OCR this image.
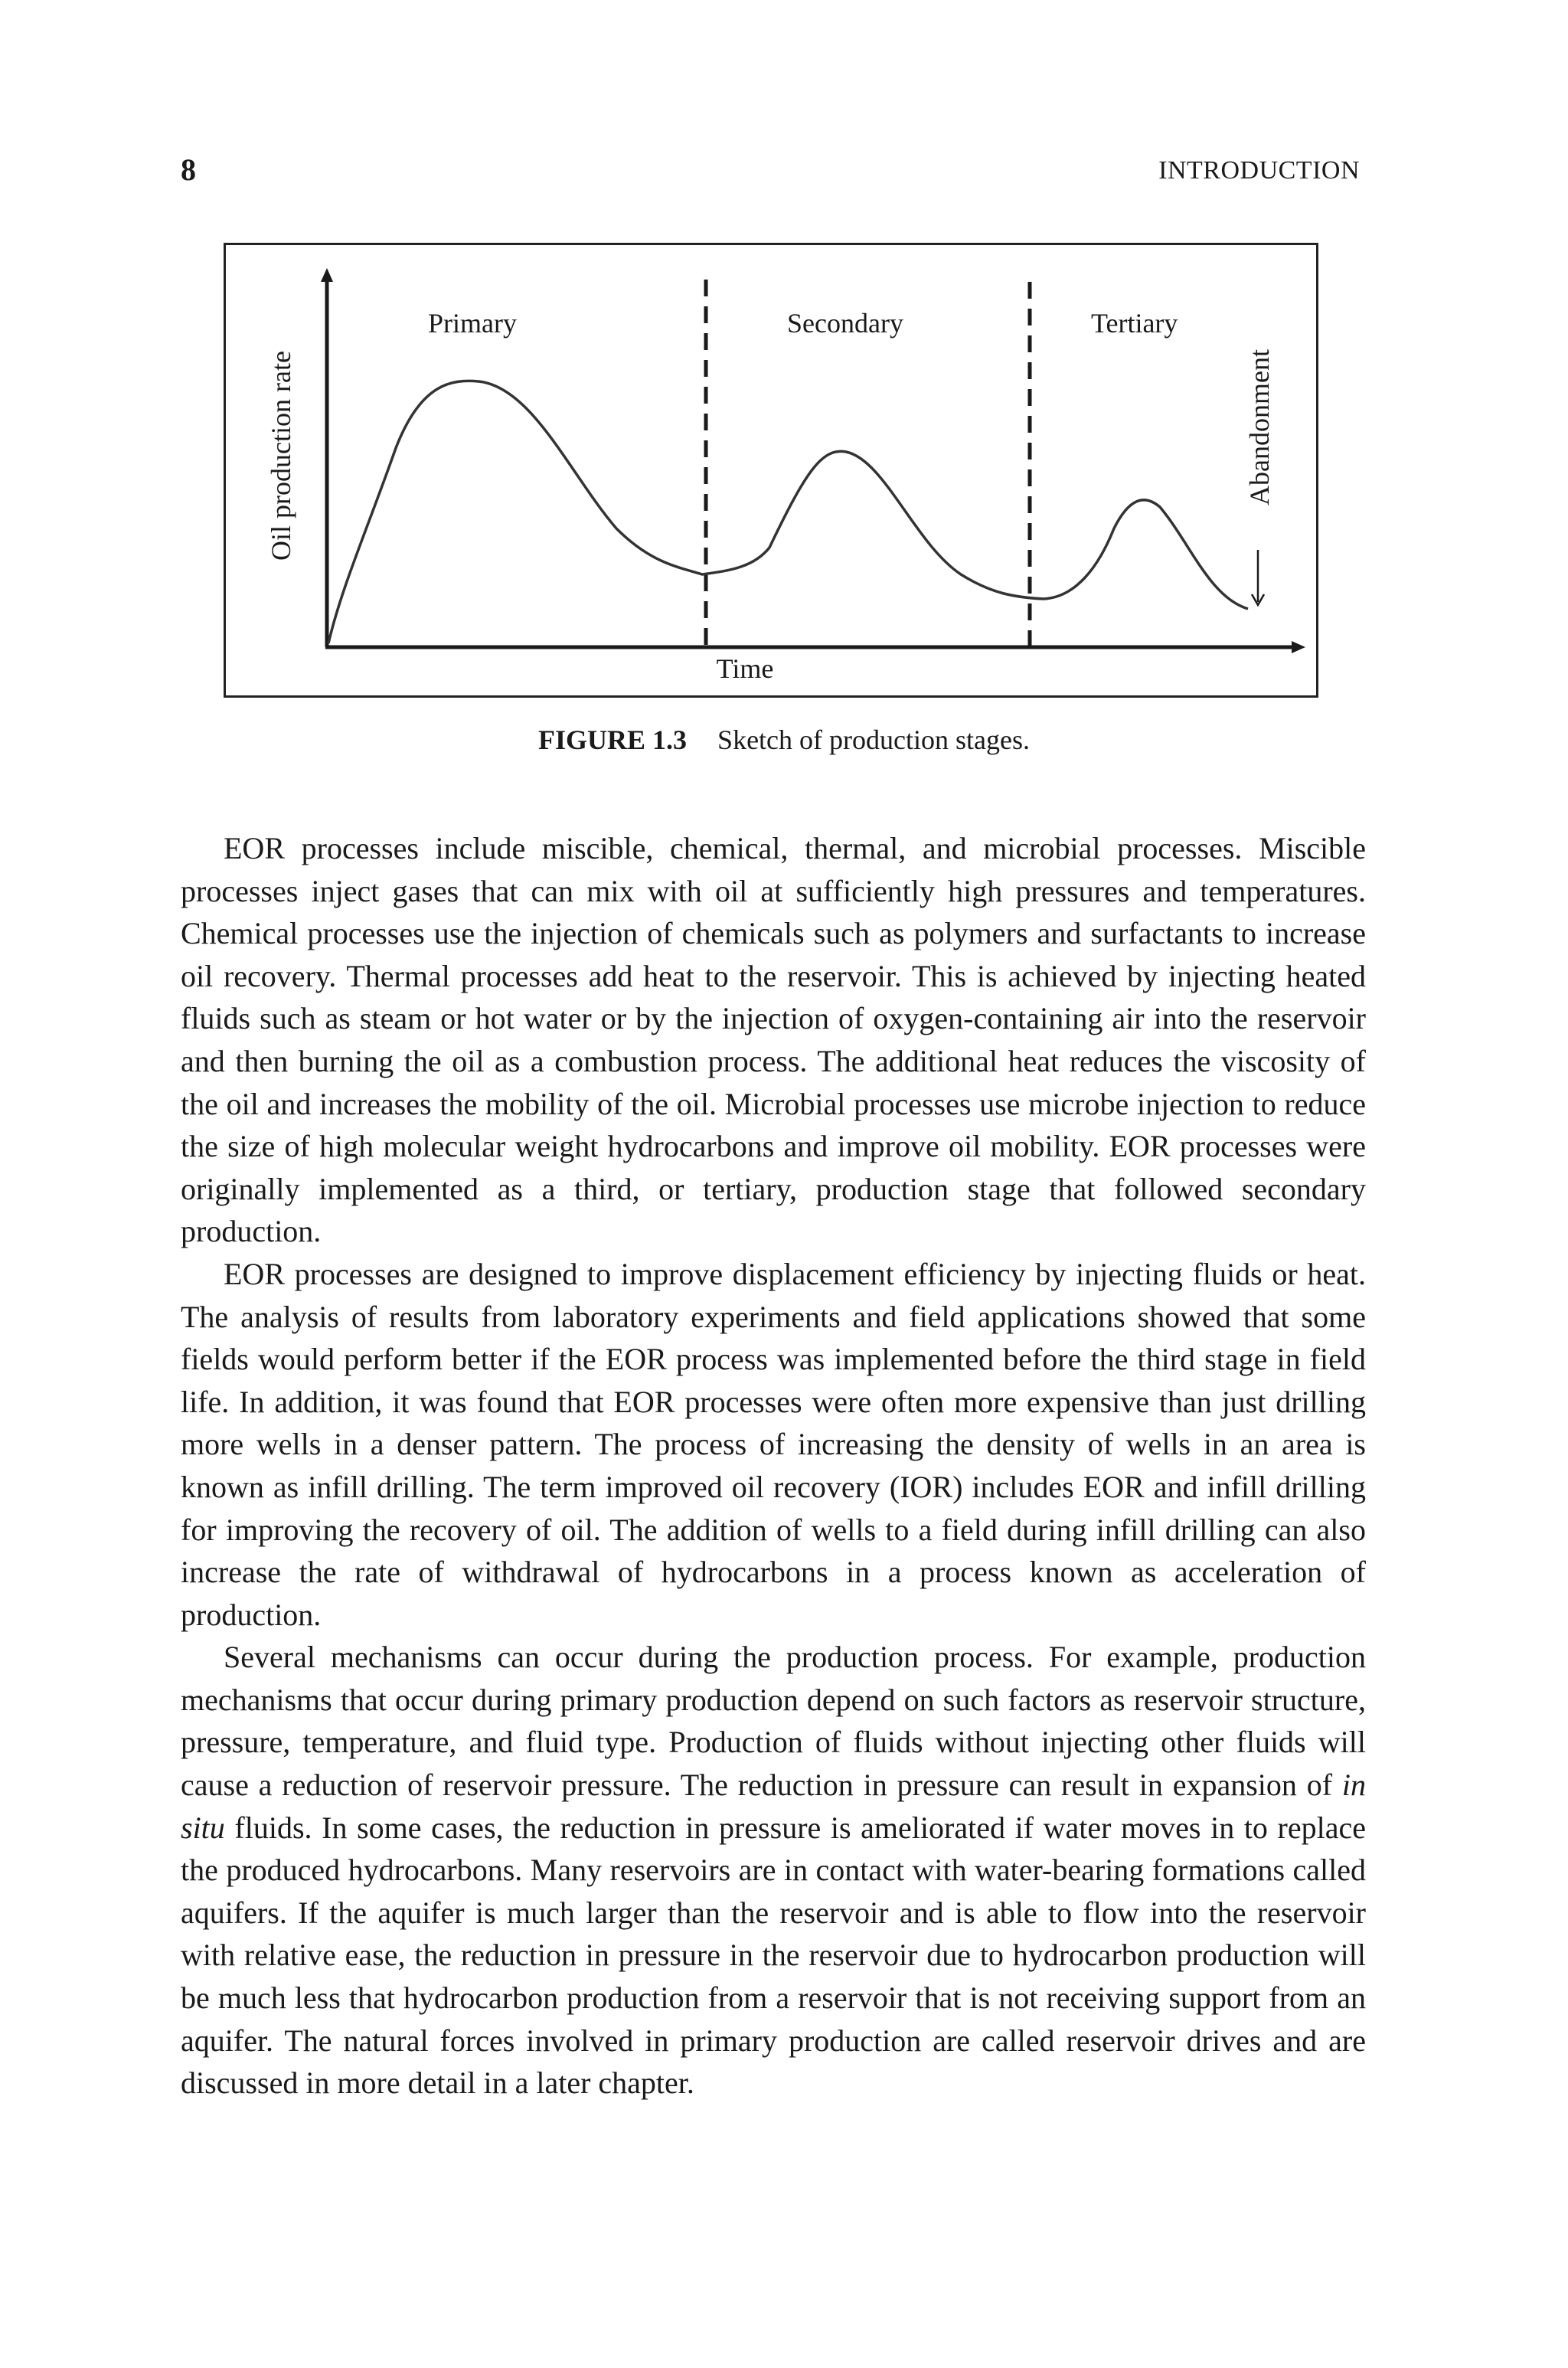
8	INTRODUCTION
Primary	Secondary	Tertiary
Time
Oil production rate	Abandonment
FIGURE 1.3 Sketch of production stages.

EOR processes include miscible, chemical, thermal, and microbial processes. Miscible processes inject gases that can mix with oil at sufficiently high pressures and temperatures. Chemical processes use the injection of chemicals such as polymers and surfactants to increase oil recovery. Thermal processes add heat to the reservoir. This is achieved by injecting heated fluids such as steam or hot water or by the injection of oxygen-containing air into the reservoir and then burning the oil as a combustion process. The additional heat reduces the viscosity of the oil and increases the mobility of the oil. Microbial processes use microbe injection to reduce the size of high molecular weight hydrocarbons and improve oil mobility. EOR processes were originally implemented as a third, or tertiary, production stage that followed secondary production.

EOR processes are designed to improve displacement efficiency by injecting fluids or heat. The analysis of results from laboratory experiments and field applications showed that some fields would perform better if the EOR process was implemented before the third stage in field life. In addition, it was found that EOR processes were often more expensive than just drilling more wells in a denser pattern. The process of increasing the density of wells in an area is known as infill drilling. The term improved oil recovery (IOR) includes EOR and infill drilling for improving the recovery of oil. The addition of wells to a field during infill drilling can also increase the rate of withdrawal of hydrocarbons in a process known as acceleration of production.

Several mechanisms can occur during the production process. For example, production mechanisms that occur during primary production depend on such factors as reservoir structure, pressure, temperature, and fluid type. Production of fluids without injecting other fluids will cause a reduction of reservoir pressure. The reduction in pressure can result in expansion of in situ fluids. In some cases, the reduction in pressure is ameliorated if water moves in to replace the produced hydrocarbons. Many reservoirs are in contact with water-bearing formations called aquifers. If the aquifer is much larger than the reservoir and is able to flow into the reservoir with relative ease, the reduction in pressure in the reservoir due to hydrocarbon production will be much less that hydrocarbon production from a reservoir that is not receiving support from an aquifer. The natural forces involved in primary production are called reservoir drives and are discussed in more detail in a later chapter.
